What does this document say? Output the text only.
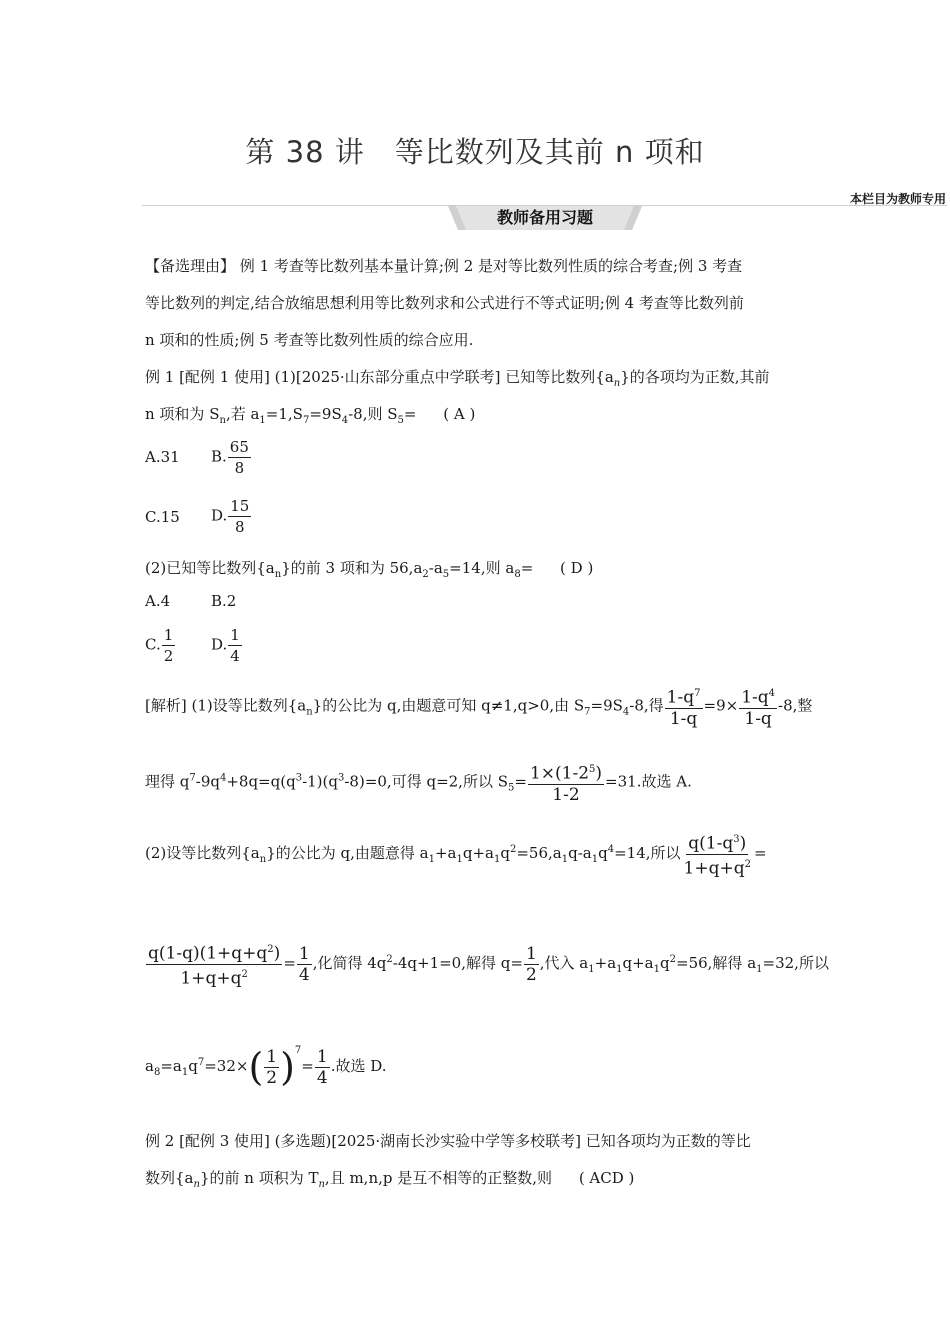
第 38 讲　等比数列及其前 n 项和
本栏目为教师专用
教师备用习题
【备选理由】 例 1 考查等比数列基本量计算;例 2 是对等比数列性质的综合考查;例 3 考查
等比数列的判定,结合放缩思想利用等比数列求和公式进行不等式证明;例 4 考查等比数列前
n 项和的性质;例 5 考查等比数列性质的综合应用.
例 1 [配例 1 使用] (1)[2025·山东部分重点中学联考] 已知等比数列$\{a_n\}$的各项均为正数,其前
n 项和为 $S_n$,若 $a_1=1,S_7=9S_4-8$,则 $S_5=$ ( A )
A.31 B. $\frac{65}{8}$
C.15 D. $\frac{15}{8}$
(2)已知等比数列$\{a_n\}$的前 3 项和为 $56,a_2-a_5=14$,则 $a_8=$ ( D )
A.4	B.2
C. $\frac{1}{2} D$. $\frac{1}{4}$
[解析] (1)设等比数列$\{a_n\}$的公比为 q,由题意可知 q≠1,q>0,由 $S_7=9S_4-8$,得 $\frac{1-q^7}{1-q} =9\times \frac{1-q^4}{1-q} -8$,整
理得 $q^7-9q^4+8q=q(q^3-1)(q^3-8)=0$,可得 q=2,所以 $S_5= \frac{1\times(1-2^5)}{1-2} =31$.故选 A.
(2)设等比数列$\{a_n\}$的公比为 q,由题意得 $a_1+a_1q+a_1q^2=56,a_1q-a_1q^4=14$,所以 $\frac{q(1-q^3)}{1+q+q^2}$ =
$\frac{q(1-q)(1+q+q^2)}{1+q+q^2} = \frac{1}{4}$ ,化简得 $4q^2-4q+1=0$,解得 $q= \frac{1}{2}$ ,代入 $a_1+a_1q+a_1q^2=56$,解得 $a_1=32$,所以
$a_8=a_1q^7=32\times( \frac{1}{2} )^7= \frac{1}{4}$ .故选 D.
例 2 [配例 3 使用] (多选题)[2025·湖南长沙实验中学等多校联考] 已知各项均为正数的等比
数列$\{a_n\}$的前 n 项积为 $T_n$,且 m,n,p 是互不相等的正整数,则 ( ACD )
